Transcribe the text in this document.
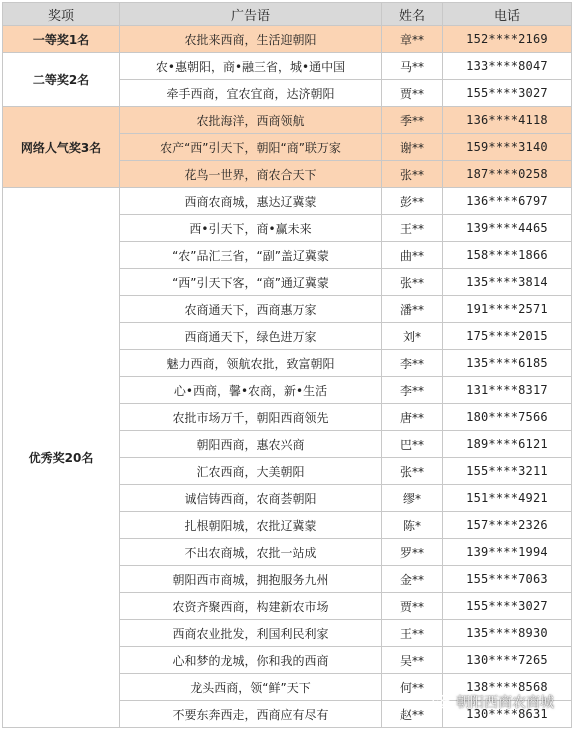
奖项	广告语	姓名	电话
一等奖1名	农批来西商，生活迎朝阳	章**	152****2169
二等奖2名	农•惠朝阳，商•融三省，城•通中国	马**	133****8047
	牵手西商，宜农宜商，达济朝阳	贾**	155****3027
网络人气奖3名	农批海洋，西商领航	季**	136****4118
	农产“西”引天下，朝阳“商”联万家	谢**	159****3140
	花鸟一世界，商农合天下	张**	187****0258
优秀奖20名	西商农商城，惠达辽冀蒙	彭**	136****6797
	西•引天下，商•赢未来	王**	139****4465
	“农”品汇三省，“副”盖辽冀蒙	曲**	158****1866
	“西”引天下客，“商”通辽冀蒙	张**	135****3814
	农商通天下，西商惠万家	潘**	191****2571
	西商通天下，绿色进万家	刘*	175****2015
	魅力西商，领航农批，致富朝阳	李**	135****6185
	心•西商，馨•农商，新•生活	李**	131****8317
	农批市场万千，朝阳西商领先	唐**	180****7566
	朝阳西商，惠农兴商	巴**	189****6121
	汇农西商，大美朝阳	张**	155****3211
	诚信铸西商，农商荟朝阳	缪*	151****4921
	扎根朝阳城，农批辽冀蒙	陈*	157****2326
	不出农商城，农批一站成	罗**	139****1994
	朝阳西市商城，拥抱服务九州	金**	155****7063
	农资齐聚西商，构建新农市场	贾**	155****3027
	西商农业批发，利国利民利家	王**	135****8930
	心和梦的龙城，你和我的西商	吴**	130****7265
	龙头西商，领“鲜”天下	何**	138****8568
	不要东奔西走，西商应有尽有	赵**	130****8631
朝阳西商农商城
